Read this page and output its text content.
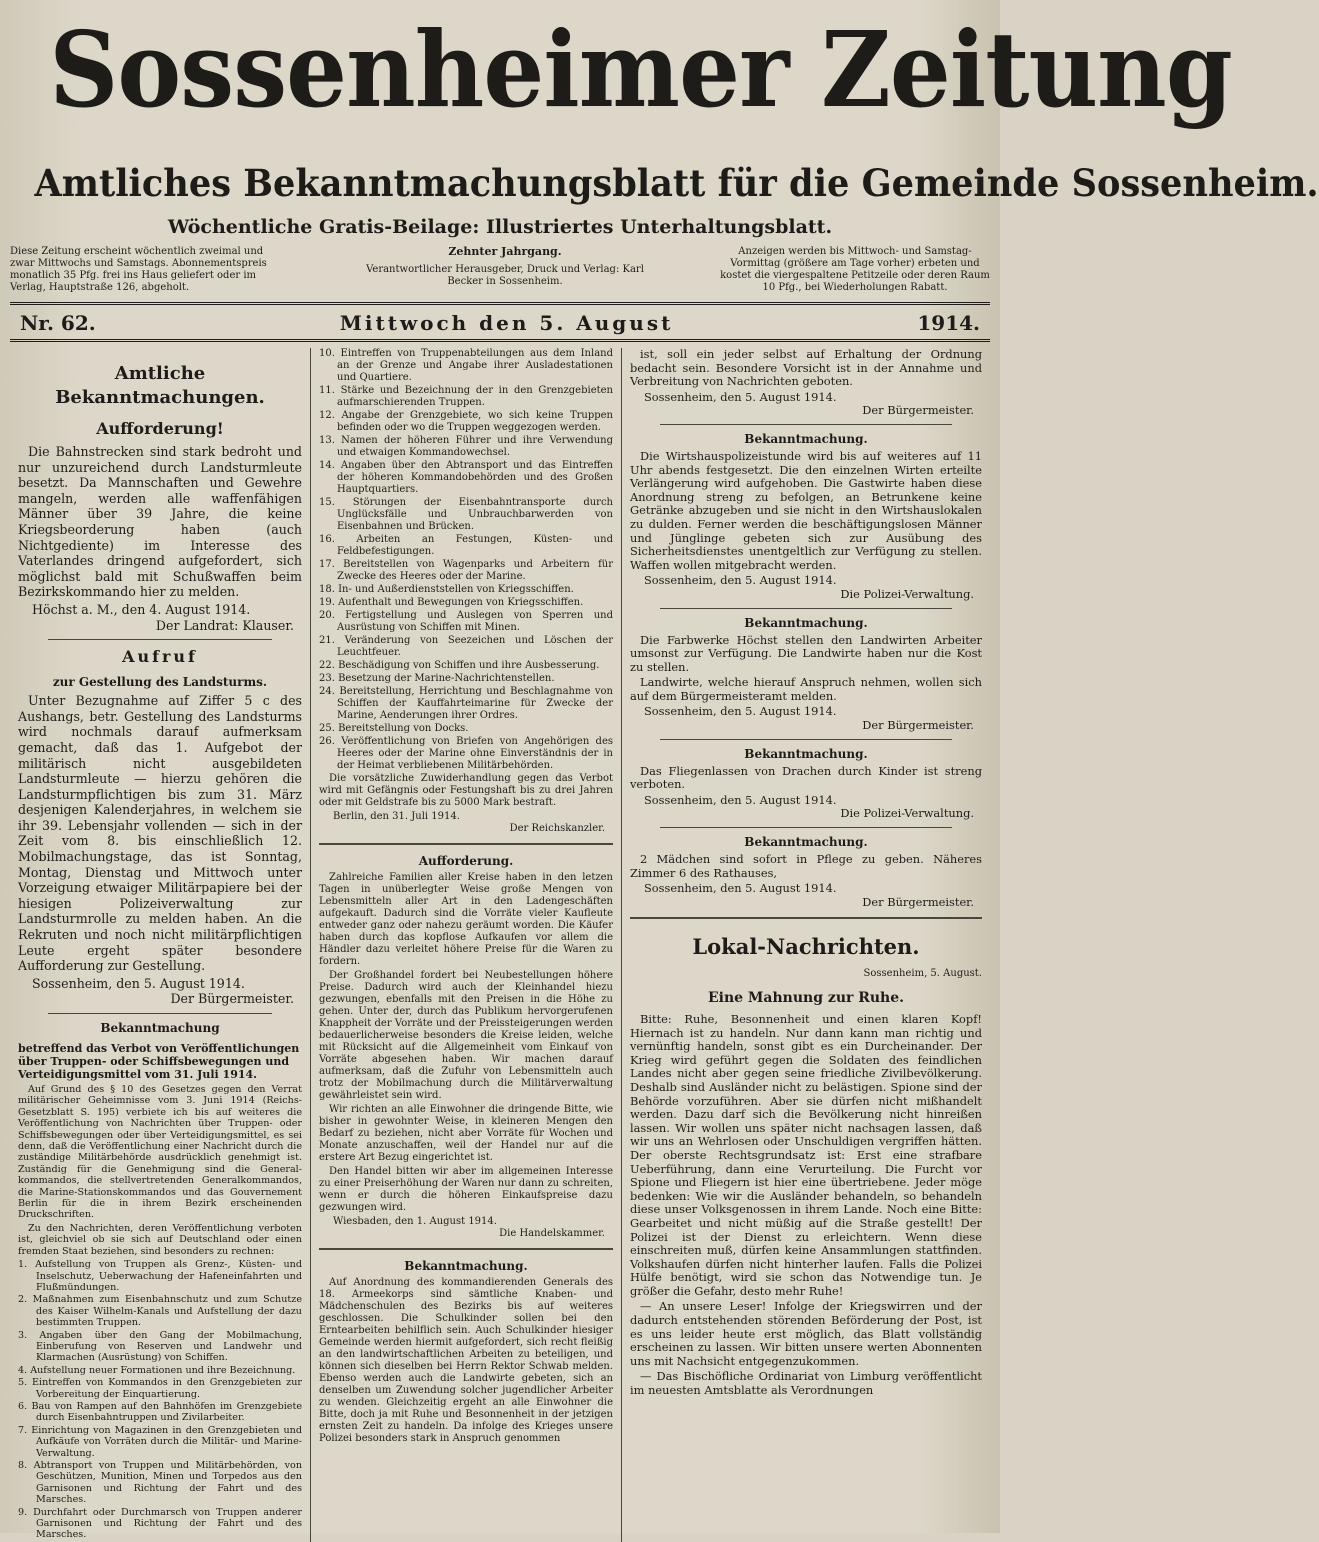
Sossenheimer Zeitung
Amtliches Bekanntmachungsblatt für die Gemeinde Sossenheim.
Wöchentliche Gratis-Beilage: Illustriertes Unterhaltungsblatt.
Diese Zeitung erscheint wöchentlich zweimal und zwar Mittwochs und Samstags. Abonnementspreis monatlich 35 Pfg. frei ins Haus geliefert oder im Verlag, Hauptstraße 126, abgeholt.
Zehnter Jahrgang.
Verantwortlicher Herausgeber, Druck und Verlag: Karl Becker in Sossenheim.
Anzeigen werden bis Mittwoch- und Samstag-Vormittag (größere am Tage vorher) erbeten und kostet die viergespaltene Petitzeile oder deren Raum 10 Pfg., bei Wiederholungen Rabatt.
Nr. 62.	Mittwoch den 5. August	1914.
Amtliche Bekanntmachungen.
Aufforderung!

Die Bahnstrecken sind stark bedroht und nur unzureichend durch Landsturmleute besetzt. Da Mannschaften und Gewehre mangeln, werden alle waffenfähigen Männer über 39 Jahre, die keine Kriegsbeorderung haben (auch Nichtgediente) im Interesse des Vaterlandes dringend aufgefordert, sich möglichst bald mit Schußwaffen beim Bezirkskommando hier zu melden.

Höchst a. M., den 4. August 1914.
Der Landrat: Klauser.
Aufruf
zur Gestellung des Landsturms.

Unter Bezugnahme auf Ziffer 5 c des Aushangs, betr. Gestellung des Landsturms wird nochmals darauf aufmerksam gemacht, daß das 1. Aufgebot der militärisch nicht ausgebildeten Landsturmleute — hierzu gehören die Landsturmpflichtigen bis zum 31. März desjenigen Kalenderjahres, in welchem sie ihr 39. Lebensjahr vollenden — sich in der Zeit vom 8. bis einschließlich 12. Mobilmachungstage, das ist Sonntag, Montag, Dienstag und Mittwoch unter Vorzeigung etwaiger Militärpapiere bei der hiesigen Polizeiverwaltung zur Landsturmrolle zu melden haben. An die Rekruten und noch nicht militärpflichtigen Leute ergeht später besondere Aufforderung zur Gestellung.

Sossenheim, den 5. August 1914.
Der Bürgermeister.
Bekanntmachung
betreffend das Verbot von Veröffentlichungen über Truppen- oder Schiffsbewegungen und Verteidigungsmittel vom 31. Juli 1914.

Auf Grund des § 10 des Gesetzes gegen den Verrat militärischer Geheimnisse vom 3. Juni 1914 (Reichs-Gesetzblatt S. 195) verbiete ich bis auf weiteres die Veröffentlichung von Nachrichten über Truppen- oder Schiffsbewegungen oder über Verteidigungsmittel, es sei denn, daß die Veröffentlichung einer Nachricht durch die zuständige Militärbehörde ausdrücklich genehmigt ist. Zuständig für die Genehmigung sind die General-kommandos, die stellvertretenden Generalkommandos, die Marine-Stationskommandos und das Gouvernement Berlin für die in ihrem Bezirk erscheinenden Druckschriften.

Zu den Nachrichten, deren Veröffentlichung verboten ist, gleichviel ob sie sich auf Deutschland oder einen fremden Staat beziehen, sind besonders zu rechnen:

1. Aufstellung von Truppen als Grenz-, Küsten- und Inselschutz, Ueberwachung der Hafeneinfahrten und Flußmündungen.
2. Maßnahmen zum Eisenbahnschutz und zum Schutze des Kaiser Wilhelm-Kanals und Aufstellung der dazu bestimmten Truppen.
3. Angaben über den Gang der Mobilmachung, Einberufung von Reserven und Landwehr und Klarmachen (Ausrüstung) von Schiffen.
4. Aufstellung neuer Formationen und ihre Bezeichnung.
5. Eintreffen von Kommandos in den Grenzgebieten zur Vorbereitung der Einquartierung.
6. Bau von Rampen auf den Bahnhöfen im Grenzgebiete durch Eisenbahntruppen und Zivilarbeiter.
7. Einrichtung von Magazinen in den Grenzgebieten und Aufkäufe von Vorräten durch die Militär- und Marine-Verwaltung.
8. Abtransport von Truppen und Militärbehörden, von Geschützen, Munition, Minen und Torpedos aus den Garnisonen und Richtung der Fahrt und des Marsches.
9. Durchfahrt oder Durchmarsch von Truppen anderer Garnisonen und Richtung der Fahrt und des Marsches.
10. Eintreffen von Truppenabteilungen aus dem Inland an der Grenze und Angabe ihrer Ausladestationen und Quartiere.
11. Stärke und Bezeichnung der in den Grenzgebieten aufmarschierenden Truppen.
12. Angabe der Grenzgebiete, wo sich keine Truppen befinden oder wo die Truppen weggezogen werden.
13. Namen der höheren Führer und ihre Verwendung und etwaigen Kommandowechsel.
14. Angaben über den Abtransport und das Eintreffen der höheren Kommandobehörden und des Großen Hauptquartiers.
15. Störungen der Eisenbahntransporte durch Unglücksfälle und Unbrauchbarwerden von Eisenbahnen und Brücken.
16. Arbeiten an Festungen, Küsten- und Feldbefestigungen.
17. Bereitstellen von Wagenparks und Arbeitern für Zwecke des Heeres oder der Marine.
18. In- und Außerdienststellen von Kriegsschiffen.
19. Aufenthalt und Bewegungen von Kriegsschiffen.
20. Fertigstellung und Auslegen von Sperren und Ausrüstung von Schiffen mit Minen.
21. Veränderung von Seezeichen und Löschen der Leuchtfeuer.
22. Beschädigung von Schiffen und ihre Ausbesserung.
23. Besetzung der Marine-Nachrichtenstellen.
24. Bereitstellung, Herrichtung und Beschlagnahme von Schiffen der Kauffahrteimarine für Zwecke der Marine, Aenderungen ihrer Ordres.
25. Bereitstellung von Docks.
26. Veröffentlichung von Briefen von Angehörigen des Heeres oder der Marine ohne Einverständnis der in der Heimat verbliebenen Militärbehörden.

Die vorsätzliche Zuwiderhandlung gegen das Verbot wird mit Gefängnis oder Festungshaft bis zu drei Jahren oder mit Geldstrafe bis zu 5000 Mark bestraft.

Berlin, den 31. Juli 1914.
Der Reichskanzler.
Aufforderung.

Zahlreiche Familien aller Kreise haben in den letzen Tagen in unüberlegter Weise große Mengen von Lebensmitteln aller Art in den Ladengeschäften aufgekauft. Dadurch sind die Vorräte vieler Kaufleute entweder ganz oder nahezu geräumt worden. Die Käufer haben durch das kopflose Aufkaufen vor allem die Händler dazu verleitet höhere Preise für die Waren zu fordern.

Der Großhandel fordert bei Neubestellungen höhere Preise. Dadurch wird auch der Kleinhandel hiezu gezwungen, ebenfalls mit den Preisen in die Höhe zu gehen. Unter der, durch das Publikum hervorgerufenen Knappheit der Vorräte und der Preissteigerungen werden bedauerlicherweise besonders die Kreise leiden, welche mit Rücksicht auf die Allgemeinheit vom Einkauf von Vorräte abgesehen haben. Wir machen darauf aufmerksam, daß die Zufuhr von Lebensmitteln auch trotz der Mobilmachung durch die Militärverwaltung gewährleistet sein wird.

Wir richten an alle Einwohner die dringende Bitte, wie bisher in gewohnter Weise, in kleineren Mengen den Bedarf zu beziehen, nicht aber Vorräte für Wochen und Monate anzuschaffen, weil der Handel nur auf die erstere Art Bezug eingerichtet ist.

Den Handel bitten wir aber im allgemeinen Interesse zu einer Preiserhöhung der Waren nur dann zu schreiten, wenn er durch die höheren Einkaufspreise dazu gezwungen wird.

Wiesbaden, den 1. August 1914.
Die Handelskammer.
Bekanntmachung.

Auf Anordnung des kommandierenden Generals des 18. Armeekorps sind sämtliche Knaben- und Mädchenschulen des Bezirks bis auf weiteres geschlossen. Die Schulkinder sollen bei den Erntearbeiten behilflich sein. Auch Schulkinder hiesiger Gemeinde werden hiermit aufgefordert, sich recht fleißig an den landwirtschaftlichen Arbeiten zu beteiligen, und können sich dieselben bei Herrn Rektor Schwab melden. Ebenso werden auch die Landwirte gebeten, sich an denselben um Zuwendung solcher jugendlicher Arbeiter zu wenden. Gleichzeitig ergeht an alle Einwohner die Bitte, doch ja mit Ruhe und Besonnenheit in der jetzigen ernsten Zeit zu handeln. Da infolge des Krieges unsere Polizei besonders stark in Anspruch genommen

ist, soll ein jeder selbst auf Erhaltung der Ordnung bedacht sein. Besondere Vorsicht ist in der Annahme und Verbreitung von Nachrichten geboten.

Sossenheim, den 5. August 1914.
Der Bürgermeister.
Bekanntmachung.

Die Wirtshauspolizeistunde wird bis auf weiteres auf 11 Uhr abends festgesetzt. Die den einzelnen Wirten erteilte Verlängerung wird aufgehoben. Die Gastwirte haben diese Anordnung streng zu befolgen, an Betrunkene keine Getränke abzugeben und sie nicht in den Wirtshauslokalen zu dulden. Ferner werden die beschäftigungslosen Männer und Jünglinge gebeten sich zur Ausübung des Sicherheitsdienstes unentgeltlich zur Verfügung zu stellen. Waffen wollen mitgebracht werden.

Sossenheim, den 5. August 1914.
Die Polizei-Verwaltung.
Bekanntmachung.

Die Farbwerke Höchst stellen den Landwirten Arbeiter umsonst zur Verfügung. Die Landwirte haben nur die Kost zu stellen.

Landwirte, welche hierauf Anspruch nehmen, wollen sich auf dem Bürgermeisteramt melden.

Sossenheim, den 5. August 1914.
Der Bürgermeister.
Bekanntmachung.

Das Fliegenlassen von Drachen durch Kinder ist streng verboten.

Sossenheim, den 5. August 1914.
Die Polizei-Verwaltung.
Bekanntmachung.

2 Mädchen sind sofort in Pflege zu geben. Näheres Zimmer 6 des Rathauses,

Sossenheim, den 5. August 1914.
Der Bürgermeister.
Lokal-Nachrichten.
Sossenheim, 5. August.
Eine Mahnung zur Ruhe.

Bitte: Ruhe, Besonnenheit und einen klaren Kopf! Hiernach ist zu handeln. Nur dann kann man richtig und vernünftig handeln, sonst gibt es ein Durcheinander. Der Krieg wird geführt gegen die Soldaten des feindlichen Landes nicht aber gegen seine friedliche Zivilbevölkerung. Deshalb sind Ausländer nicht zu belästigen. Spione sind der Behörde vorzuführen. Aber sie dürfen nicht mißhandelt werden. Dazu darf sich die Bevölkerung nicht hinreißen lassen. Wir wollen uns später nicht nachsagen lassen, daß wir uns an Wehrlosen oder Unschuldigen vergriffen hätten. Der oberste Rechtsgrundsatz ist: Erst eine strafbare Ueberführung, dann eine Verurteilung. Die Furcht vor Spione und Fliegern ist hier eine übertriebene. Jeder möge bedenken: Wie wir die Ausländer behandeln, so behandeln diese unser Volksgenossen in ihrem Lande. Noch eine Bitte: Gearbeitet und nicht müßig auf die Straße gestellt! Der Polizei ist der Dienst zu erleichtern. Wenn diese einschreiten muß, dürfen keine Ansammlungen stattfinden. Volkshaufen dürfen nicht hinterher laufen. Falls die Polizei Hülfe benötigt, wird sie schon das Notwendige tun. Je größer die Gefahr, desto mehr Ruhe!

— An unsere Leser! Infolge der Kriegswirren und der dadurch entstehenden störenden Beförderung der Post, ist es uns leider heute erst möglich, das Blatt vollständig erscheinen zu lassen. Wir bitten unsere werten Abonnenten uns mit Nachsicht entgegenzukommen.

— Das Bischöfliche Ordinariat von Limburg veröffentlicht im neuesten Amtsblatte als Verordnungen
